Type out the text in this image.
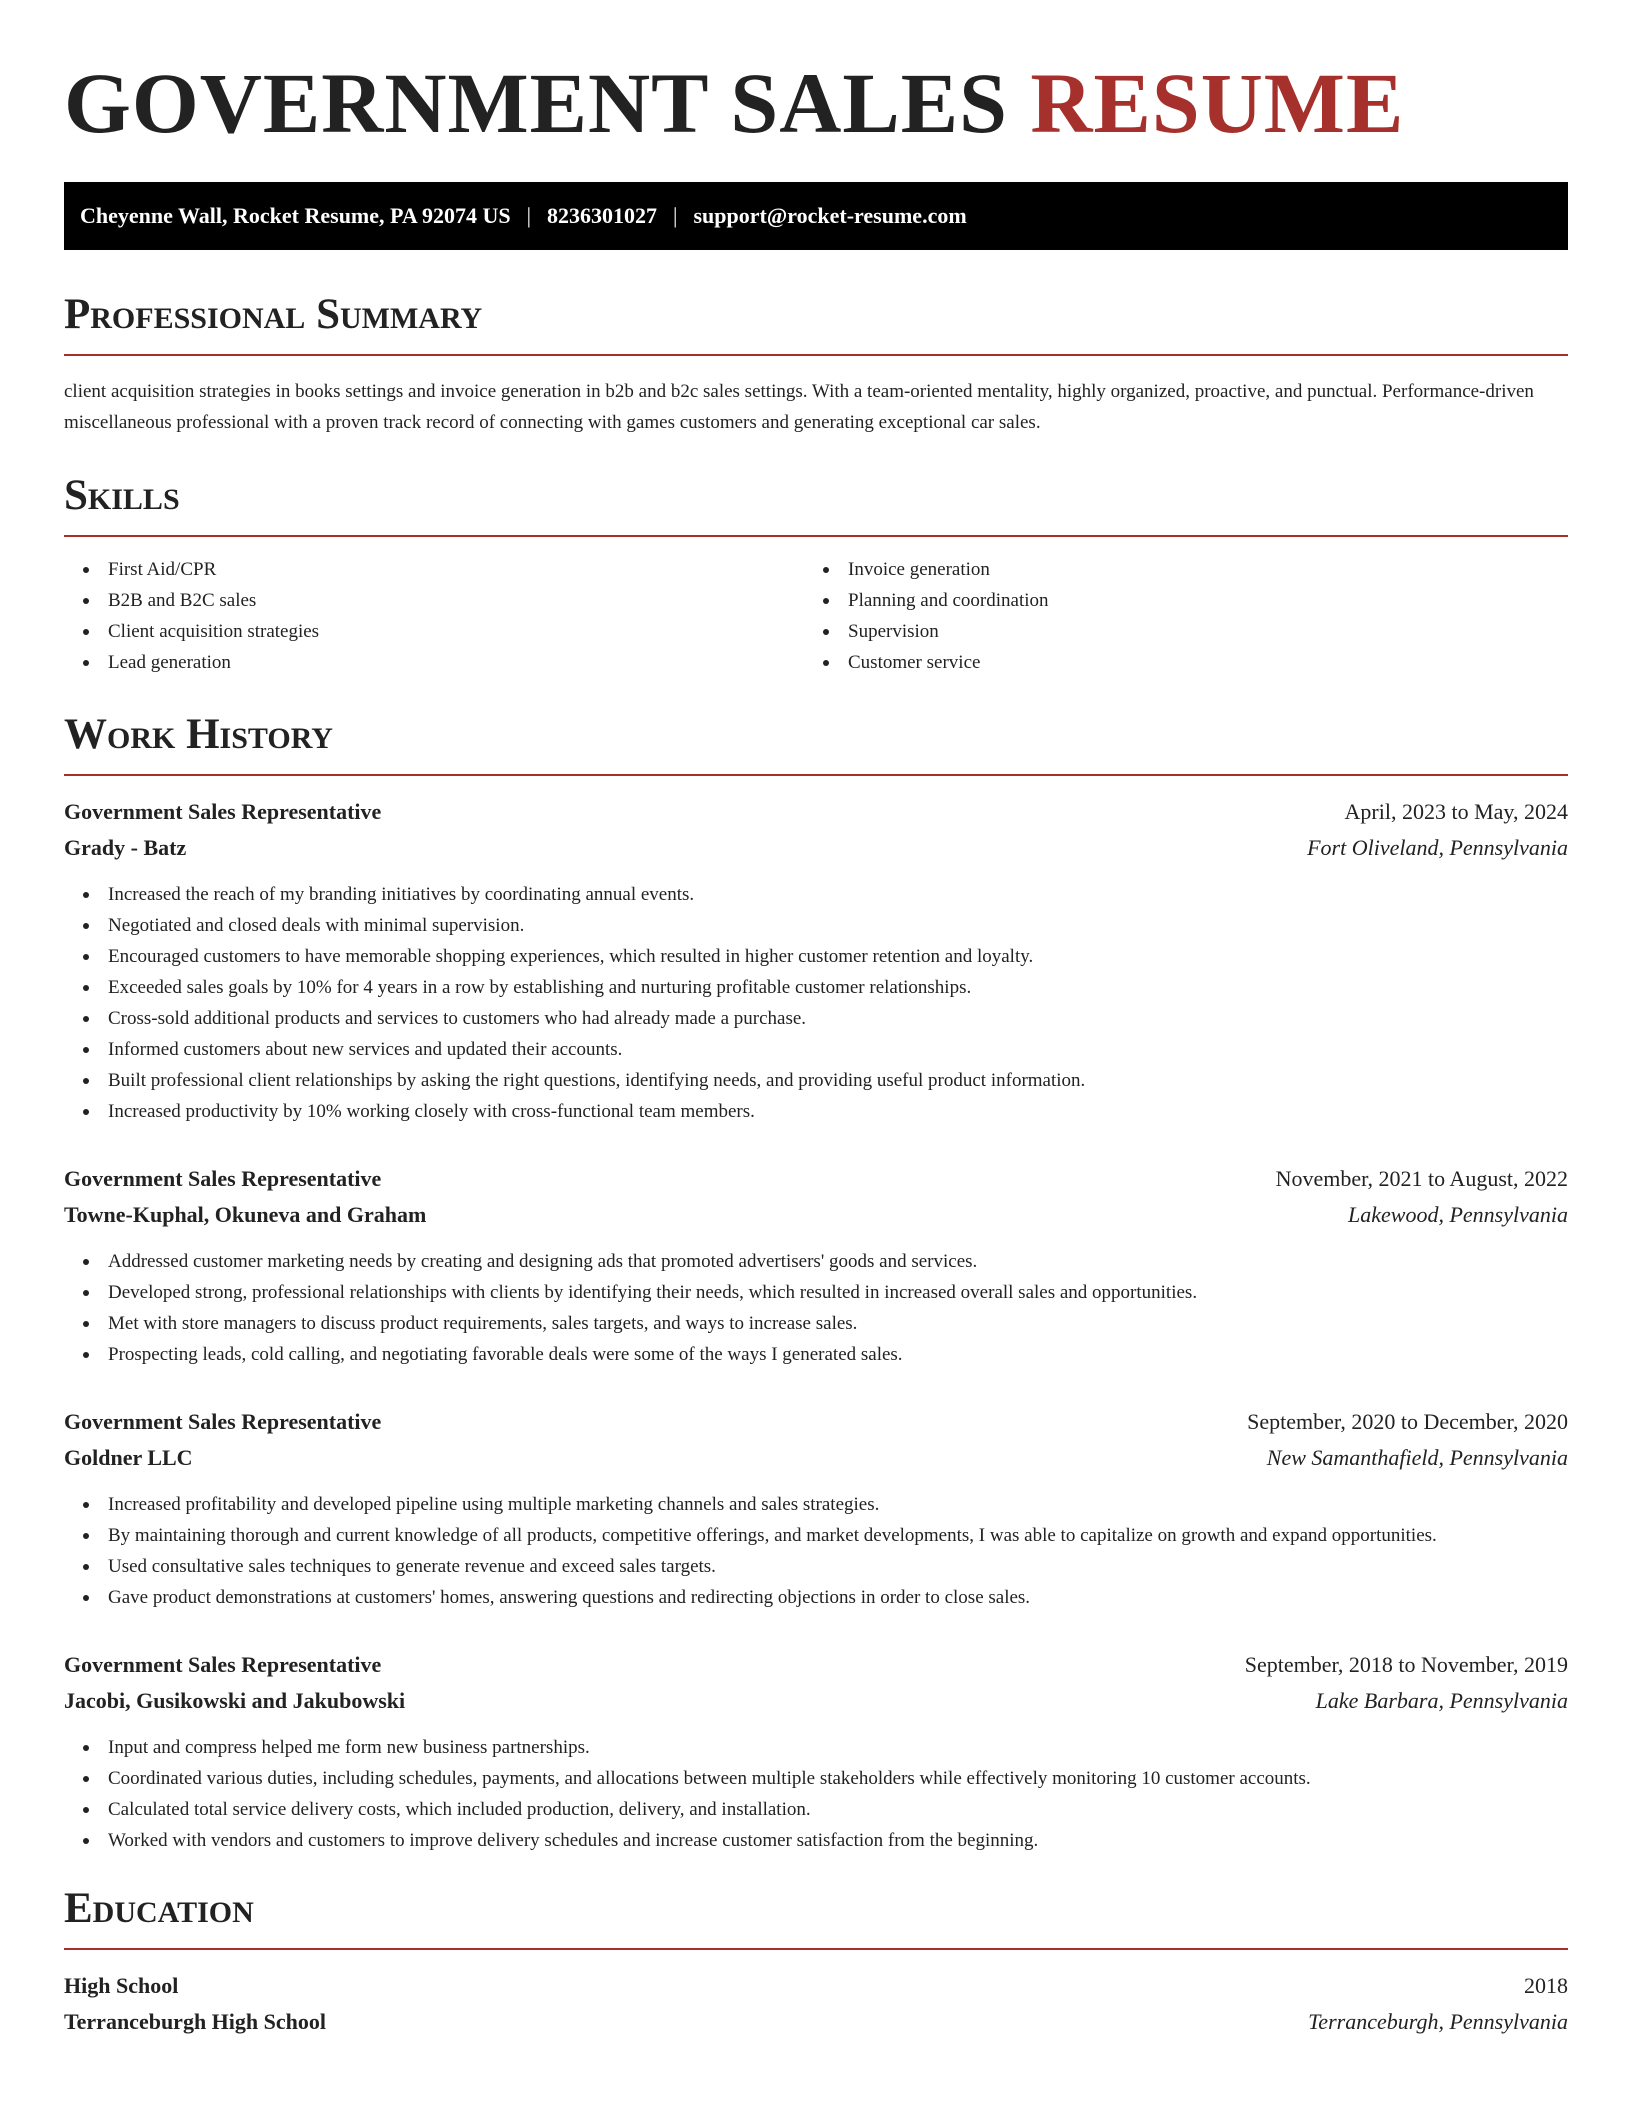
GOVERNMENT SALES RESUME
Cheyenne Wall, Rocket Resume, PA 92074 US | 8236301027 | support@rocket-resume.com
Professional Summary

client acquisition strategies in books settings and invoice generation in b2b and b2c sales settings. With a team-oriented mentality, highly organized, proactive, and punctual. Performance-driven miscellaneous professional with a proven track record of connecting with games customers and generating exceptional car sales.

Skills
First Aid/CPR
B2B and B2C sales
Client acquisition strategies
Lead generation
Invoice generation
Planning and coordination
Supervision
Customer service
Work History
Government Sales Representative	April, 2023 to May, 2024
Grady - Batz	Fort Oliveland, Pennsylvania
Increased the reach of my branding initiatives by coordinating annual events.
Negotiated and closed deals with minimal supervision.
Encouraged customers to have memorable shopping experiences, which resulted in higher customer retention and loyalty.
Exceeded sales goals by 10% for 4 years in a row by establishing and nurturing profitable customer relationships.
Cross-sold additional products and services to customers who had already made a purchase.
Informed customers about new services and updated their accounts.
Built professional client relationships by asking the right questions, identifying needs, and providing useful product information.
Increased productivity by 10% working closely with cross-functional team members.
Government Sales Representative	November, 2021 to August, 2022
Towne-Kuphal, Okuneva and Graham	Lakewood, Pennsylvania
Addressed customer marketing needs by creating and designing ads that promoted advertisers' goods and services.
Developed strong, professional relationships with clients by identifying their needs, which resulted in increased overall sales and opportunities.
Met with store managers to discuss product requirements, sales targets, and ways to increase sales.
Prospecting leads, cold calling, and negotiating favorable deals were some of the ways I generated sales.
Government Sales Representative	September, 2020 to December, 2020
Goldner LLC	New Samanthafield, Pennsylvania
Increased profitability and developed pipeline using multiple marketing channels and sales strategies.
By maintaining thorough and current knowledge of all products, competitive offerings, and market developments, I was able to capitalize on growth and expand opportunities.
Used consultative sales techniques to generate revenue and exceed sales targets.
Gave product demonstrations at customers' homes, answering questions and redirecting objections in order to close sales.
Government Sales Representative	September, 2018 to November, 2019
Jacobi, Gusikowski and Jakubowski	Lake Barbara, Pennsylvania
Input and compress helped me form new business partnerships.
Coordinated various duties, including schedules, payments, and allocations between multiple stakeholders while effectively monitoring 10 customer accounts.
Calculated total service delivery costs, which included production, delivery, and installation.
Worked with vendors and customers to improve delivery schedules and increase customer satisfaction from the beginning.
Education
High School	2018
Terranceburgh High School	Terranceburgh, Pennsylvania
